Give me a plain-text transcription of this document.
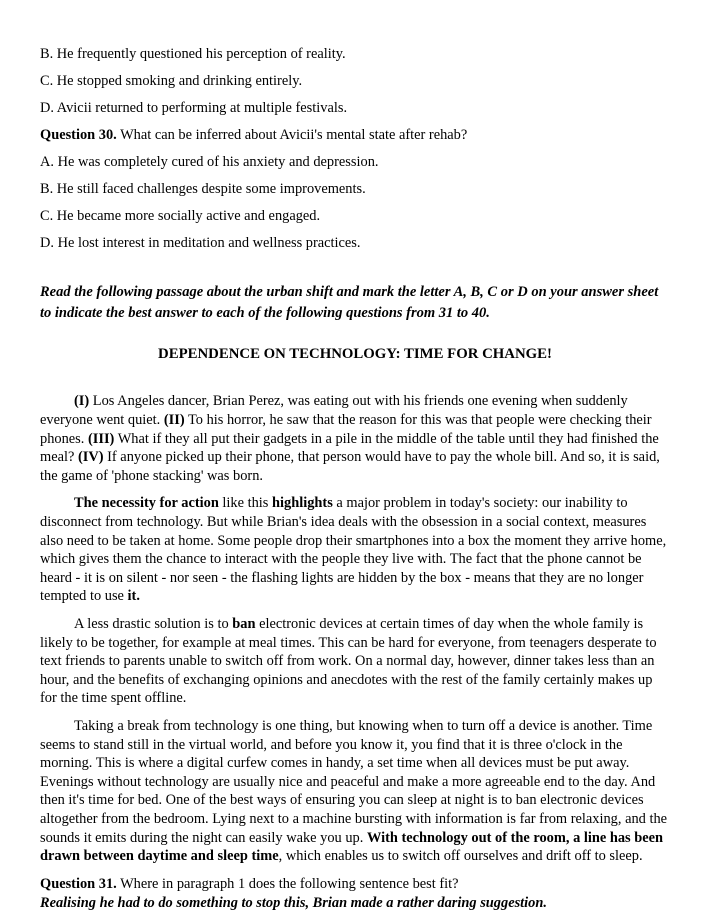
B. He frequently questioned his perception of reality.

C. He stopped smoking and drinking entirely.

D. Avicii returned to performing at multiple festivals.

Question 30. What can be inferred about Avicii's mental state after rehab?

A. He was completely cured of his anxiety and depression.

B. He still faced challenges despite some improvements.

C. He became more socially active and engaged.

D. He lost interest in meditation and wellness practices.

Read the following passage about the urban shift and mark the letter A, B, C or D on your answer sheet to indicate the best answer to each of the following questions from 31 to 40.

DEPENDENCE ON TECHNOLOGY: TIME FOR CHANGE!

(I) Los Angeles dancer, Brian Perez, was eating out with his friends one evening when suddenly everyone went quiet. (II) To his horror, he saw that the reason for this was that people were checking their phones. (III) What if they all put their gadgets in a pile in the middle of the table until they had finished the meal? (IV) If anyone picked up their phone, that person would have to pay the whole bill. And so, it is said, the game of 'phone stacking' was born.

The necessity for action like this highlights a major problem in today's society: our inability to disconnect from technology. But while Brian's idea deals with the obsession in a social context, measures also need to be taken at home. Some people drop their smartphones into a box the moment they arrive home, which gives them the chance to interact with the people they live with. The fact that the phone cannot be heard - it is on silent - nor seen - the flashing lights are hidden by the box - means that they are no longer tempted to use it.

A less drastic solution is to ban electronic devices at certain times of day when the whole family is likely to be together, for example at meal times. This can be hard for everyone, from teenagers desperate to text friends to parents unable to switch off from work. On a normal day, however, dinner takes less than an hour, and the benefits of exchanging opinions and anecdotes with the rest of the family certainly makes up for the time spent offline.

Taking a break from technology is one thing, but knowing when to turn off a device is another. Time seems to stand still in the virtual world, and before you know it, you find that it is three o'clock in the morning. This is where a digital curfew comes in handy, a set time when all devices must be put away. Evenings without technology are usually nice and peaceful and make a more agreeable end to the day. And then it's time for bed. One of the best ways of ensuring you can sleep at night is to ban electronic devices altogether from the bedroom. Lying next to a machine bursting with information is far from relaxing, and the sounds it emits during the night can easily wake you up. With technology out of the room, a line has been drawn between daytime and sleep time, which enables us to switch off ourselves and drift off to sleep.

Question 31. Where in paragraph 1 does the following sentence best fit?

Realising he had to do something to stop this, Brian made a rather daring suggestion.
